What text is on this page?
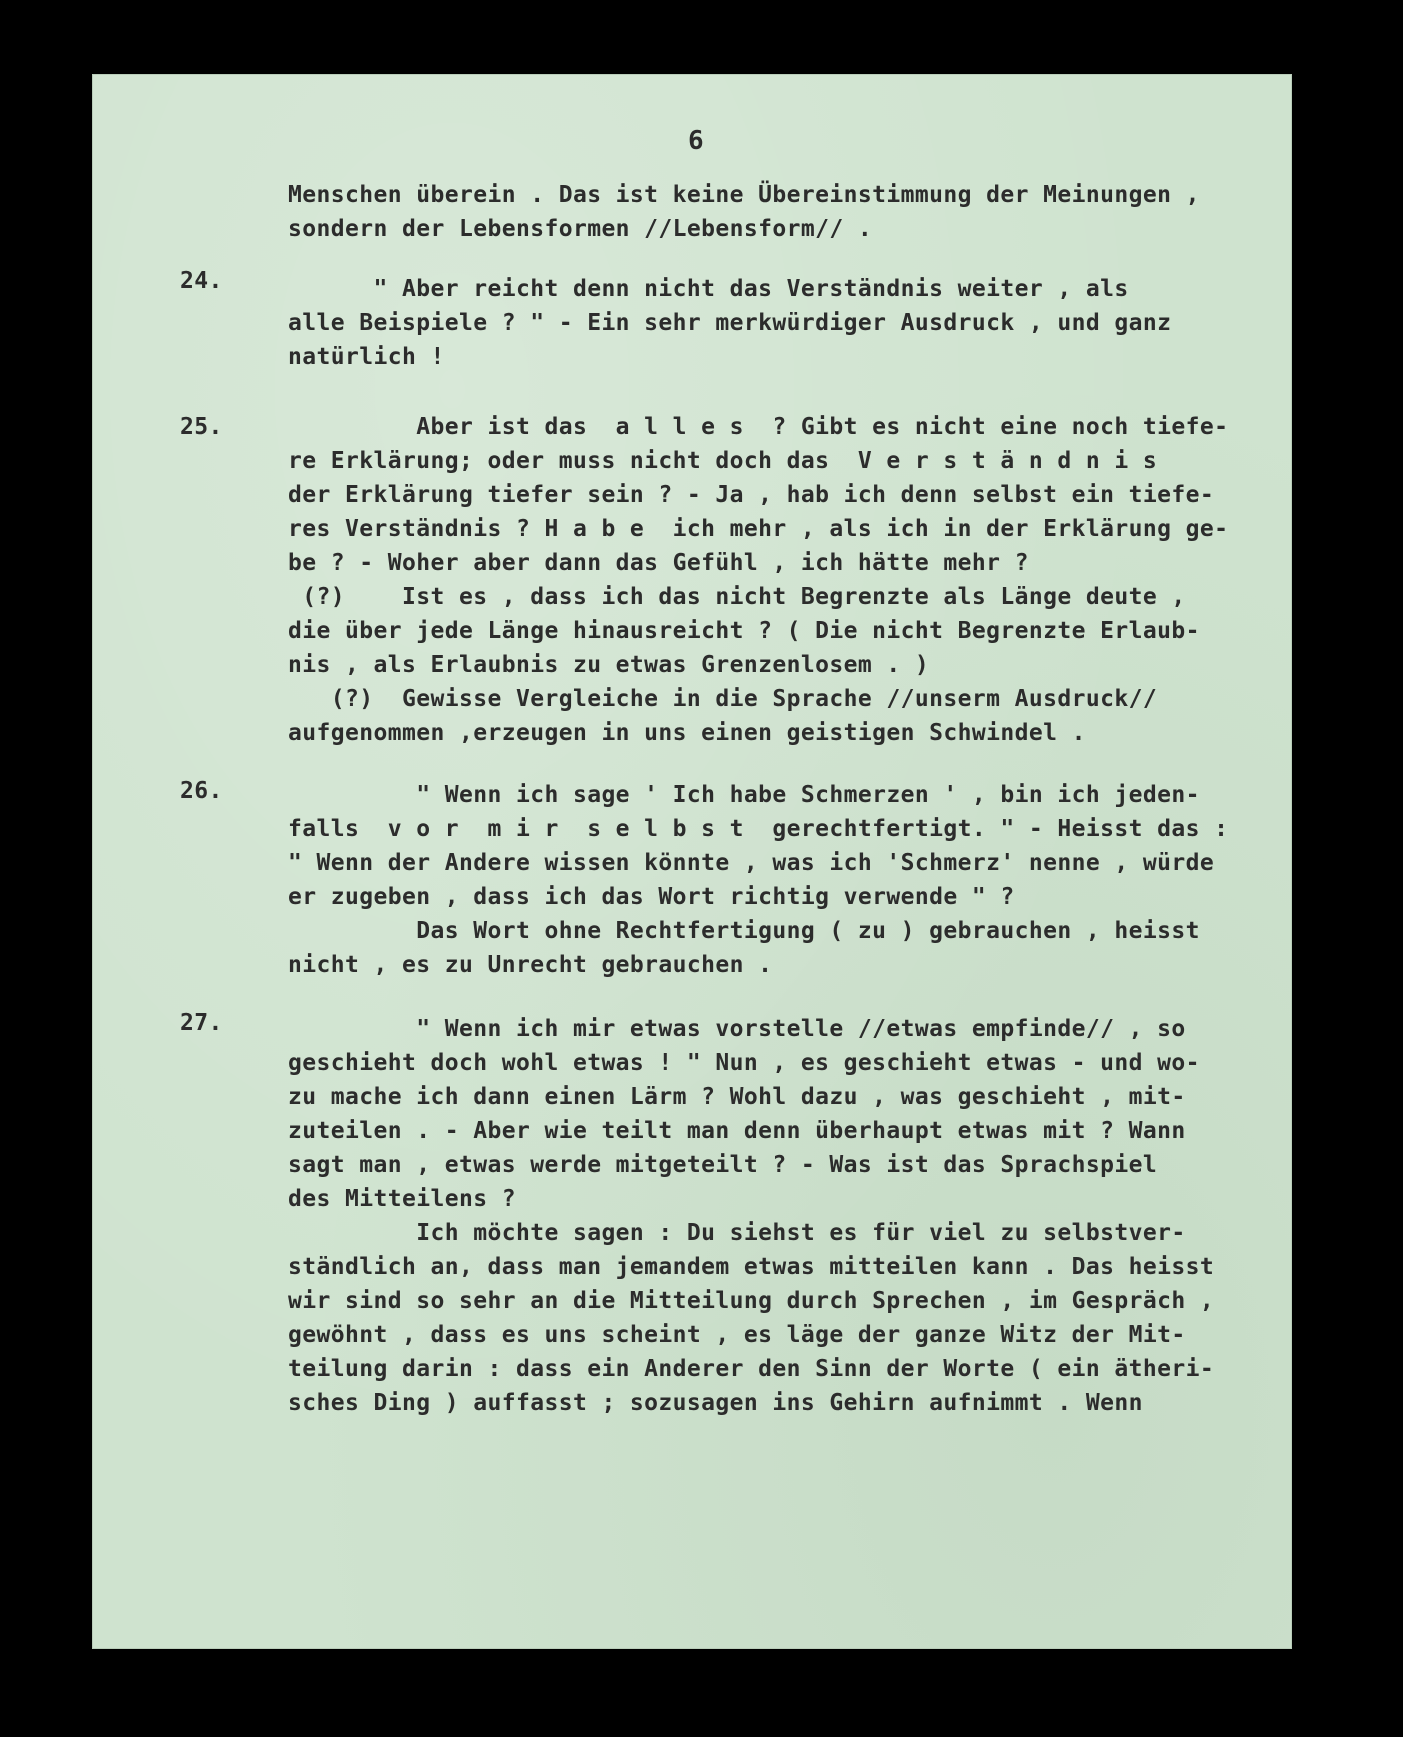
6
Menschen überein . Das ist keine Übereinstimmung der Meinungen ,
sondern der Lebensformen //Lebensform// .
24.	" Aber reicht denn nicht das Verständnis weiter , als
alle Beispiele ? " - Ein sehr merkwürdiger Ausdruck , und ganz
natürlich !
25.	Aber ist das  a l l e s  ? Gibt es nicht eine noch tiefe-
re Erklärung; oder muss nicht doch das  V e r s t ä n d n i s
der Erklärung tiefer sein ? - Ja , hab ich denn selbst ein tiefe-
res Verständnis ? H a b e  ich mehr , als ich in der Erklärung ge-
be ? - Woher aber dann das Gefühl , ich hätte mehr ?
(?)    Ist es , dass ich das nicht Begrenzte als Länge deute ,
die über jede Länge hinausreicht ? ( Die nicht Begrenzte Erlaub-
nis , als Erlaubnis zu etwas Grenzenlosem . )
(?)  Gewisse Vergleiche in die Sprache //unserm Ausdruck//
aufgenommen ,erzeugen in uns einen geistigen Schwindel .
26.	" Wenn ich sage ' Ich habe Schmerzen ' , bin ich jeden-
falls  v o r  m i r  s e l b s t  gerechtfertigt. " - Heisst das :
" Wenn der Andere wissen könnte , was ich 'Schmerz' nenne , würde
er zugeben , dass ich das Wort richtig verwende " ?
Das Wort ohne Rechtfertigung ( zu ) gebrauchen , heisst
nicht , es zu Unrecht gebrauchen .
27.	" Wenn ich mir etwas vorstelle //etwas empfinde// , so
geschieht doch wohl etwas ! " Nun , es geschieht etwas - und wo-
zu mache ich dann einen Lärm ? Wohl dazu , was geschieht , mit-
zuteilen . - Aber wie teilt man denn überhaupt etwas mit ? Wann
sagt man , etwas werde mitgeteilt ? - Was ist das Sprachspiel
des Mitteilens ?
Ich möchte sagen : Du siehst es für viel zu selbstver-
ständlich an, dass man jemandem etwas mitteilen kann . Das heisst
wir sind so sehr an die Mitteilung durch Sprechen , im Gespräch ,
gewöhnt , dass es uns scheint , es läge der ganze Witz der Mit-
teilung darin : dass ein Anderer den Sinn der Worte ( ein ätheri-
sches Ding ) auffasst ; sozusagen ins Gehirn aufnimmt . Wenn
